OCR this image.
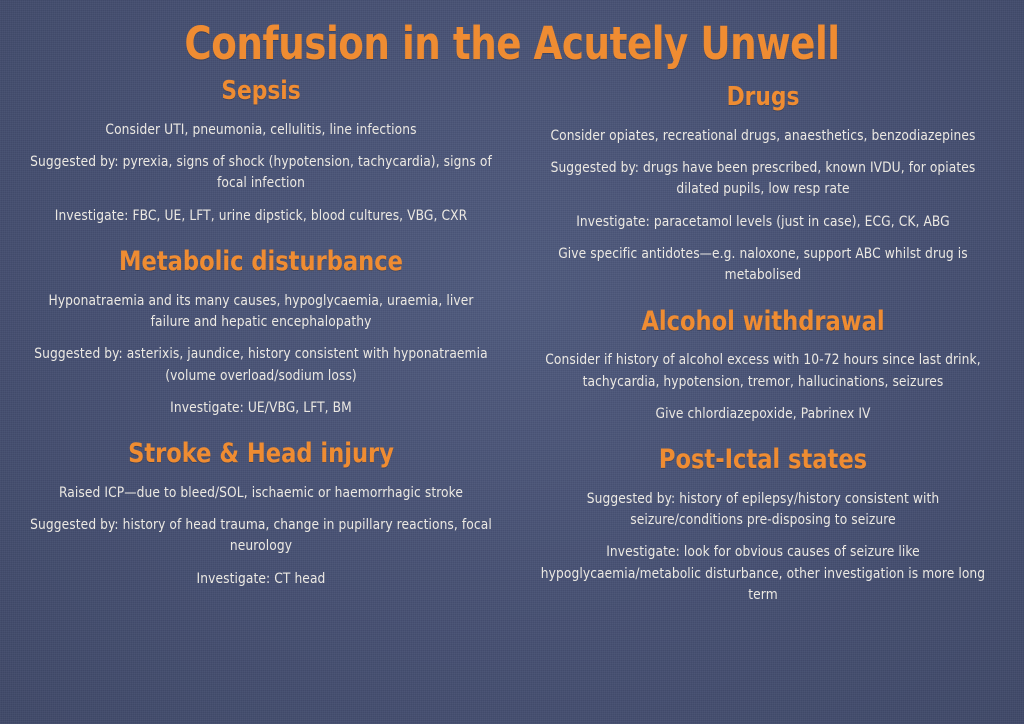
Confusion in the Acutely Unwell
Sepsis
Consider UTI, pneumonia, cellulitis, line infections
Suggested by: pyrexia, signs of shock (hypotension, tachycardia), signs of focal infection
Investigate: FBC, UE, LFT, urine dipstick, blood cultures, VBG, CXR
Metabolic disturbance
Hyponatraemia and its many causes, hypoglycaemia, uraemia, liver failure and hepatic encephalopathy
Suggested by: asterixis, jaundice, history consistent with hyponatraemia (volume overload/sodium loss)
Investigate: UE/VBG, LFT, BM
Stroke & Head injury
Raised ICP—due to bleed/SOL, ischaemic or haemorrhagic stroke
Suggested by: history of head trauma, change in pupillary reactions, focal neurology
Investigate: CT head
Drugs
Consider opiates, recreational drugs, anaesthetics, benzodiazepines
Suggested by: drugs have been prescribed, known IVDU, for opiates dilated pupils, low resp rate
Investigate: paracetamol levels (just in case), ECG, CK, ABG
Give specific antidotes—e.g. naloxone, support ABC whilst drug is metabolised
Alcohol withdrawal
Consider if history of alcohol excess with 10-72 hours since last drink, tachycardia, hypotension, tremor, hallucinations, seizures
Give chlordiazepoxide, Pabrinex IV
Post-Ictal states
Suggested by: history of epilepsy/history consistent with seizure/conditions pre-disposing to seizure
Investigate: look for obvious causes of seizure like hypoglycaemia/metabolic disturbance, other investigation is more long term
